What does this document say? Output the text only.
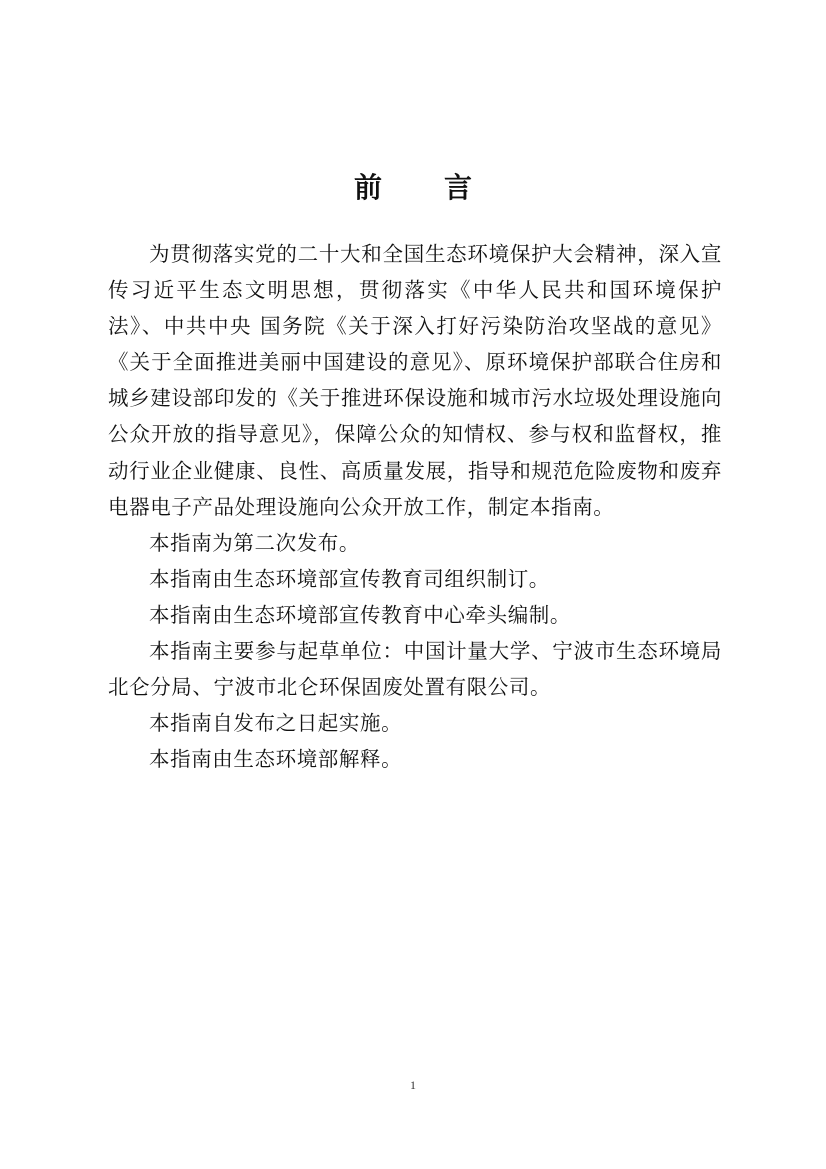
前 言

为贯彻落实党的二十大和全国生态环境保护大会精神，深入宣传习近平生态文明思想，贯彻落实《中华人民共和国环境保护法》、中共中央 国务院《关于深入打好污染防治攻坚战的意见》《关于全面推进美丽中国建设的意见》、原环境保护部联合住房和城乡建设部印发的《关于推进环保设施和城市污水垃圾处理设施向公众开放的指导意见》，保障公众的知情权、参与权和监督权，推动行业企业健康、良性、高质量发展，指导和规范危险废物和废弃电器电子产品处理设施向公众开放工作，制定本指南。

本指南为第二次发布。

本指南由生态环境部宣传教育司组织制订。

本指南由生态环境部宣传教育中心牵头编制。

本指南主要参与起草单位：中国计量大学、宁波市生态环境局北仑分局、宁波市北仑环保固废处置有限公司。

本指南自发布之日起实施。

本指南由生态环境部解释。

1
